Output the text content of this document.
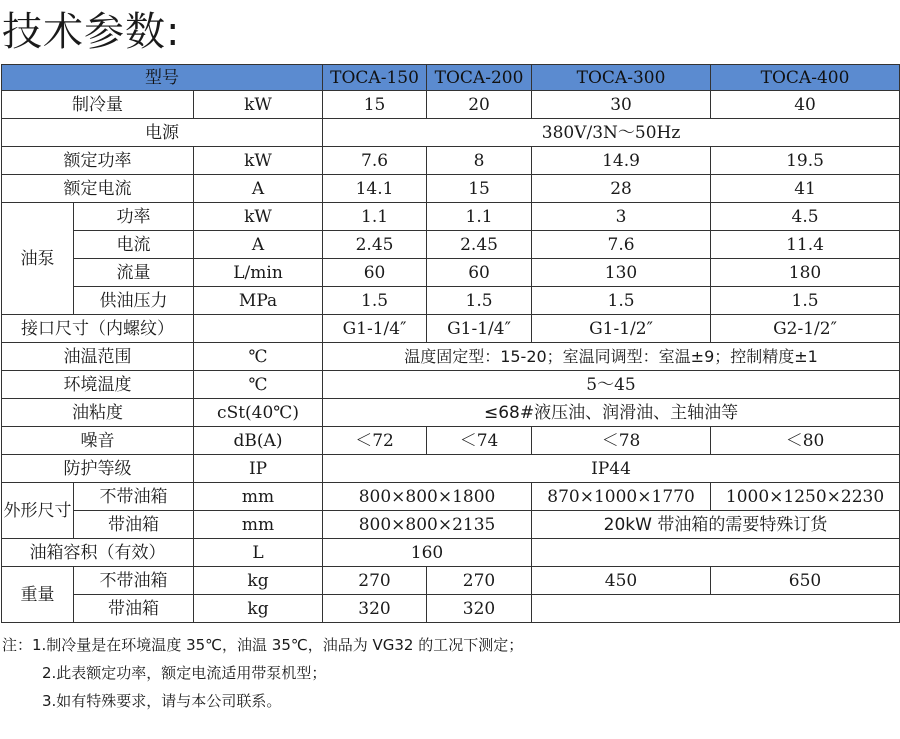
技术参数:
型号			TOCA-150	TOCA-200	TOCA-300	TOCA-400
制冷量		kW	15	20	30	40
电源			380V/3N～50Hz			
额定功率		kW	7.6	8	14.9	19.5
额定电流		A	14.1	15	28	41
油泵	功率	kW	1.1	1.1	3	4.5
	电流	A	2.45	2.45	7.6	11.4
	流量	L/min	60	60	130	180
	供油压力	MPa	1.5	1.5	1.5	1.5
接口尺寸（内螺纹）			G1-1/4″	G1-1/4″	G1-1/2″	G2-1/2″
油温范围		℃	温度固定型：15-20；室温同调型：室温±9；控制精度±1			
环境温度		℃	5～45			
油粘度		cSt(40℃)	≤68#液压油、润滑油、主轴油等			
噪音		dB(A)	＜72	＜74	＜78	＜80
防护等级		IP	IP44			
外形尺寸	不带油箱	mm	800×800×1800		870×1000×1770	1000×1250×2230
	带油箱	mm	800×800×2135		20kW 带油箱的需要特殊订货	
油箱容积（有效）		L	160			
重量	不带油箱	kg	270	270	450	650
	带油箱	kg	320	320		
注：1.制冷量是在环境温度 35℃，油温 35℃，油品为 VG32 的工况下测定；
2.此表额定功率，额定电流适用带泵机型；
3.如有特殊要求，请与本公司联系。
